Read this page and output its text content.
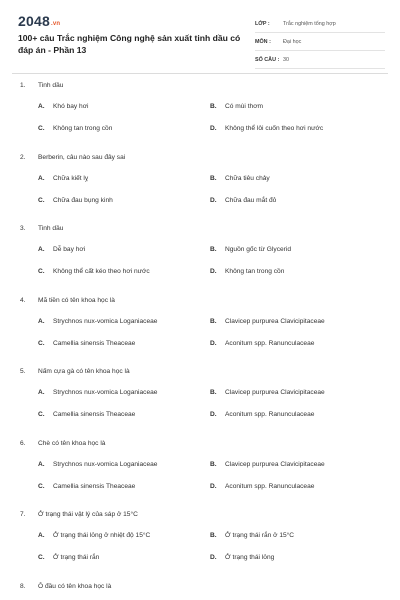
2048.vn
100+ câu Trắc nghiệm Công nghệ sản xuất tinh dầu có đáp án - Phần 13
LỚP :	Trắc nghiệm tổng hợp
MÔN :	Đại học
SỐ CÂU : 30
1.	Tinh dầu
A.	Khó bay hơi	B.	Có mùi thơm
C.	Không tan trong cồn	D.	Không thể lôi cuốn theo hơi nước
2.	Berberin, câu nào sau đây sai
A.	Chữa kiết lỵ	B.	Chữa tiêu chảy
C.	Chữa đau bụng kinh	D.	Chữa đau mắt đỏ
3.	Tinh dầu
A.	Dễ bay hơi	B.	Nguồn gốc từ Glycerid
C.	Không thể cất kéo theo hơi nước	D.	Không tan trong cồn
4.	Mã tiền có tên khoa học là
A.	Strychnos nux-vomica Loganiaceae	B.	Clavicep purpurea Clavicipitaceae
C.	Camellia sinensis Theaceae	D.	Aconitum spp. Ranunculaceae
5.	Nấm cựa gà có tên khoa học là
A.	Strychnos nux-vomica Loganiaceae	B.	Clavicep purpurea Clavicipitaceae
C.	Camellia sinensis Theaceae	D.	Aconitum spp. Ranunculaceae
6.	Chè có tên khoa học là
A.	Strychnos nux-vomica Loganiaceae	B.	Clavicep purpurea Clavicipitaceae
C.	Camellia sinensis Theaceae	D.	Aconitum spp. Ranunculaceae
7.	Ở trạng thái vật lý của sáp ở 15°C
A.	Ở trạng thái lỏng ở nhiệt độ 15°C	B.	Ở trạng thái rắn ở 15°C
C.	Ở trạng thái rắn	D.	Ở trạng thái lỏng
8.	Ô đầu có tên khoa học là
